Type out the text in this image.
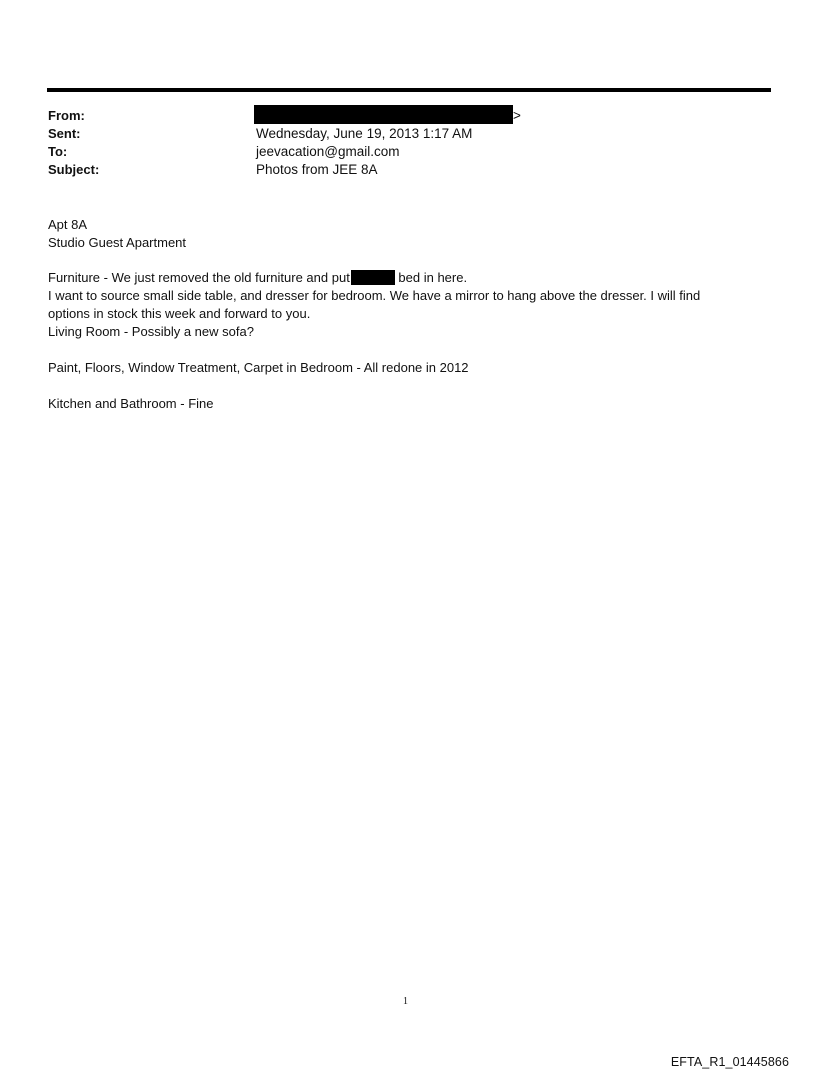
From:	>
Sent:	Wednesday, June 19, 2013 1:17 AM
To:	jeevacation@gmail.com
Subject:	Photos from JEE 8A
Apt 8A
Studio Guest Apartment
Furniture - We just removed the old furniture and put	bed in here.
I want to source small side table, and dresser for bedroom. We have a mirror to hang above the dresser. I will find
options in stock this week and forward to you.
Living Room - Possibly a new sofa?
Paint, Floors, Window Treatment, Carpet in Bedroom - All redone in 2012
Kitchen and Bathroom - Fine
1
EFTA_R1_01445866
